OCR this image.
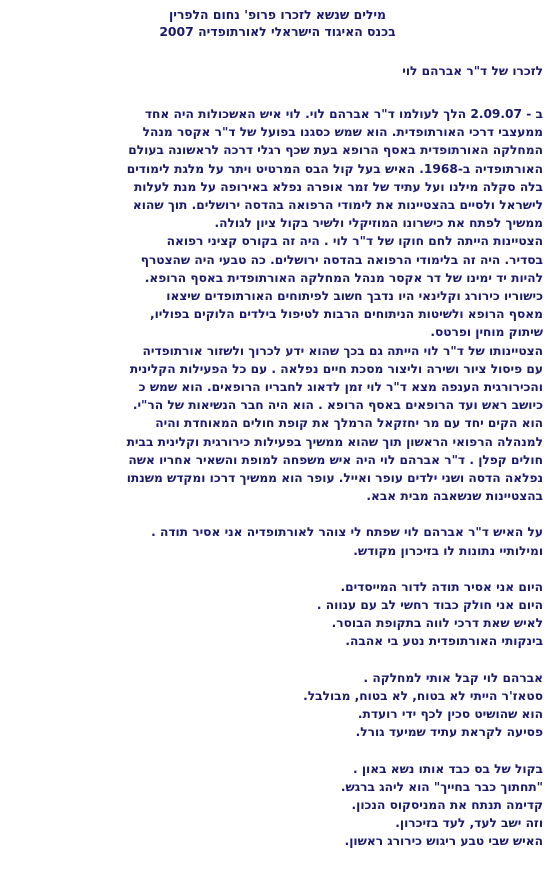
מילים שנשא לזכרו פרופ' נחום הלפרין
בכנס האיגוד הישראלי לאורתופדיה 2007
לזכרו של ד"ר אברהם לוי
ב - 2.09.07 הלך לעולמו ד"ר אברהם לוי. לוי איש האשכולות היה אחד
ממעצבי דרכי האורתופדית. הוא שמש כסגנו בפועל של ד"ר אקסר מנהל
המחלקה האורתופדית באסף הרופא בעת שכף רגלי דרכה לראשונה בעולם
האורתופדיה ב-1968. האיש בעל קול הבס המרטיט ויתר על מלגת לימודים
בלה סקלה מילנו ועל עתיד של זמר אופרה נפלא באירופה על מנת לעלות
לישראל ולסיים בהצטיינות את לימודי הרפואה בהדסה ירושלים. תוך שהוא
ממשיך לפתח את כישרונו המוזיקלי ולשיר בקול ציון לגולה.
הצטיינות הייתה לחם חוקו של ד"ר לוי . היה זה בקורס קציני רפואה
בסדיר. היה זה בלימודי הרפואה בהדסה ירושלים. כה טבעי היה שהצטרף
להיות יד ימינו של דר אקסר מנהל המחלקה האורתופדית באסף הרופא.
כישוריו כירורג וקלינאי היו נדבך חשוב לפיתוחים האורתופדים שיצאו
מאסף הרופא ולשיטות הניתוחים הרבות לטיפול בילדים הלוקים בפוליו,
שיתוק מוחין ופרטס.
הצטיינותו של ד"ר לוי הייתה גם בכך שהוא ידע לכרוך ולשזור אורתופדיה
עם פיסול ציור ושירה וליצור מסכת חיים נפלאה . עם כל הפעילות הקלינית
והכירורגית הענפה מצא ד"ר לוי זמן לדאוג לחבריו הרופאים. הוא שמש כ
כיושב ראש ועד הרופאים באסף הרופא . הוא היה חבר הנשיאות של הר"י.
הוא הקים יחד עם מר יחזקאל הרמלך את קופת חולים המאוחדת והיה
למנהלה הרפואי הראשון תוך שהוא ממשיך בפעילות כירורגית וקלינית בבית
חולים קפלן . ד"ר אברהם לוי היה איש משפחה למופת והשאיר אחריו אשה
נפלאה הדסה ושני ילדים עופר ואייל. עופר הוא ממשיך דרכו ומקדש משנתו
בהצטיינות שנשאבה מבית אבא.
על האיש ד"ר אברהם לוי שפתח לי צוהר לאורתופדיה אני אסיר תודה .
ומילותיי נתונות לו בזיכרון מקודש.
היום אני אסיר תודה לדור המייסדים.
היום אני חולק כבוד רחשי לב עם ענווה .
לאיש שאת דרכי לווה בתקופת הבוסר.
בינקותי האורתופדית נטע בי אהבה.
אברהם לוי קבל אותי למחלקה .
סטאז'ר הייתי לא בטוח, לא בטוח, מבולבל.
הוא שהושיט סכין לכף ידי רועדת.
פסיעה לקראת עתיד שמיעד גורל.
בקול של בס כבד אותו נשא באון .
"תחתוך כבר בחייך" הוא ליהג ברגש.
קדימה תנתח את המניסקוס הנכון.
וזה ישב לעד, לעד בזיכרון.
האיש שבי טבע ריגוש כירורג ראשון.
